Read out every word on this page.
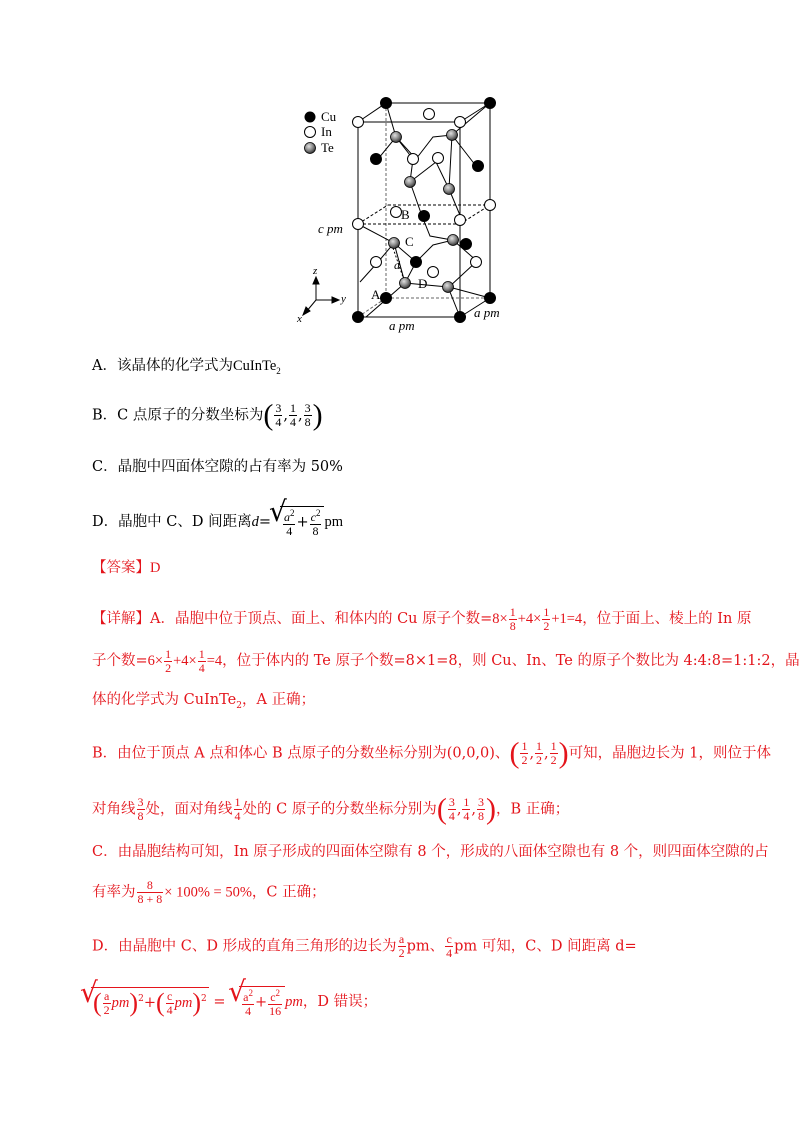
Cu
In
Te
c pm
a pm
a pm
A
B
C
D
d
z
y
x
A．该晶体的化学式为CuInTe$_2$
B．C 点原子的分数坐标为( $\frac{3}{4}$ , $\frac{1}{4}$ , $\frac{3}{8}$ )
C．晶胞中四面体空隙的占有率为 50%
D．晶胞中 C、D 间距离d= √ $\frac{a^2}{4} + \frac{c^2}{8}$ pm
【答案】D
【详解】A．晶胞中位于顶点、面上、和体内的 Cu 原子个数$=8\times \frac{1}{8} +4\times \frac{1}{2} +1=4$，位于面上、棱上的 In 原
子个数$=6\times \frac{1}{2} +4\times \frac{1}{4} =4$，位于体内的 Te 原子个数=8×1=8，则 Cu、In、Te 的原子个数比为 4:4:8=1:1:2，晶
体的化学式为 CuInTe$_2$，A 正确；
B．由位于顶点 A 点和体心 B 点原子的分数坐标分别为(0,0,0)、( $\frac{1}{2}$ , $\frac{1}{2}$ , $\frac{1}{2}$ )可知，晶胞边长为 1，则位于体
对角线 $\frac{3}{8}$ 处，面对角线 $\frac{1}{4}$ 处的 C 原子的分数坐标分别为( $\frac{3}{4}$ , $\frac{1}{4}$ , $\frac{3}{8}$ )，B 正确；
C．由晶胞结构可知，In 原子形成的四面体空隙有 8 个，形成的八面体空隙也有 8 个，则四面体空隙的占
有率为 $\frac{8}{8 + 8} \times 100\% = 50\%$，C 正确；
D．由晶胞中 C、D 形成的直角三角形的边长为 $\frac{a}{2}$ pm、 $\frac{c}{4}$ pm 可知，C、D 间距离 d=
√ ( $\frac{a}{2} pm)^2+( \frac{c}{4} pm)^2$ = √ $\frac{a^2}{4} + \frac{c^2}{16}$ pm，D 错误；
